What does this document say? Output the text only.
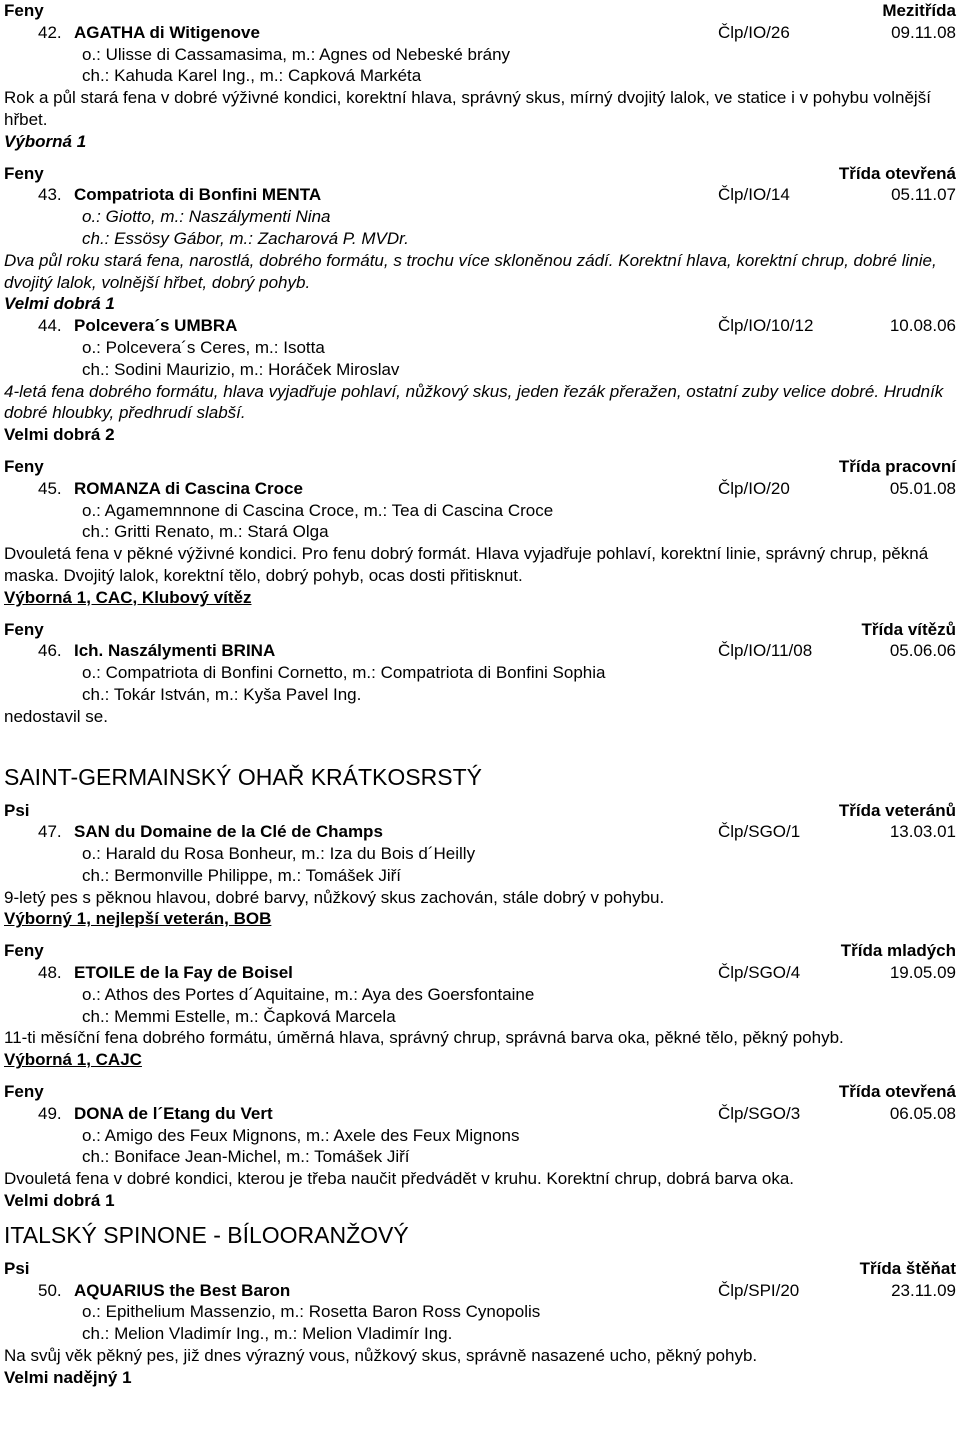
Feny	Mezitřída
42. AGATHA di Witigenove	Člp/IO/26	09.11.08
o.: Ulisse di Cassamasima, m.: Agnes od Nebeské brány
ch.: Kahuda Karel Ing., m.: Capková Markéta
Rok a půl stará fena v dobré výživné kondici, korektní hlava, správný skus, mírný dvojitý lalok, ve statice i v pohybu volnější hřbet.
Výborná 1
Feny	Třída otevřená
43. Compatriota di Bonfini MENTA	Člp/IO/14	05.11.07
o.: Giotto, m.: Naszálymenti Nina
ch.: Essösy Gábor, m.: Zacharová P. MVDr.
Dva půl roku stará fena, narostlá, dobrého formátu, s trochu více skloněnou zádí. Korektní hlava, korektní chrup, dobré linie, dvojitý lalok, volnější hřbet, dobrý pohyb.
Velmi dobrá 1
44. Polcevera´s UMBRA	Člp/IO/10/12	10.08.06
o.: Polcevera´s Ceres, m.: Isotta
ch.: Sodini Maurizio, m.: Horáček Miroslav
4-letá fena dobrého formátu, hlava vyjadřuje pohlaví, nůžkový skus, jeden řezák přeražen, ostatní zuby velice dobré. Hrudník dobré hloubky, předhrudí slabší.
Velmi dobrá 2
Feny	Třída pracovní
45. ROMANZA di Cascina Croce	Člp/IO/20	05.01.08
o.: Agamemnnone di Cascina Croce, m.: Tea di Cascina Croce
ch.: Gritti Renato, m.: Stará Olga
Dvouletá fena v pěkné výživné kondici. Pro fenu dobrý formát. Hlava vyjadřuje pohlaví, korektní linie, správný chrup, pěkná maska. Dvojitý lalok, korektní tělo, dobrý pohyb, ocas dosti přitisknut.
Výborná 1, CAC, Klubový vítěz
Feny	Třída vítězů
46. Ich. Naszálymenti BRINA	Člp/IO/11/08	05.06.06
o.: Compatriota di Bonfini Cornetto, m.: Compatriota di Bonfini Sophia
ch.: Tokár István, m.: Kyša Pavel Ing.
nedostavil se.
SAINT-GERMAINSKÝ OHAŘ KRÁTKOSRSTÝ
Psi	Třída veteránů
47. SAN du Domaine de la Clé de Champs	Člp/SGO/1	13.03.01
o.: Harald du Rosa Bonheur, m.: Iza du Bois d´Heilly
ch.: Bermonville Philippe, m.: Tomášek Jiří
9-letý pes s pěknou hlavou, dobré barvy, nůžkový skus zachován, stále dobrý v pohybu.
Výborný 1, nejlepší veterán, BOB
Feny	Třída mladých
48. ETOILE de la Fay de Boisel	Člp/SGO/4	19.05.09
o.: Athos des Portes d´Aquitaine, m.: Aya des Goersfontaine
ch.: Memmi Estelle, m.: Čapková Marcela
11-ti měsíční fena dobrého formátu, úměrná hlava, správný chrup, správná barva oka, pěkné tělo, pěkný pohyb.
Výborná 1, CAJC
Feny	Třída otevřená
49. DONA de l´Etang du Vert	Člp/SGO/3	06.05.08
o.: Amigo des Feux Mignons, m.: Axele des Feux Mignons
ch.: Boniface Jean-Michel, m.: Tomášek Jiří
Dvouletá fena v dobré kondici, kterou je třeba naučit předvádět v kruhu. Korektní chrup, dobrá barva oka.
Velmi dobrá 1
ITALSKÝ SPINONE - BÍLOORANŽOVÝ
Psi	Třída štěňat
50. AQUARIUS the Best Baron	Člp/SPI/20	23.11.09
o.: Epithelium Massenzio, m.: Rosetta Baron Ross Cynopolis
ch.: Melion Vladimír Ing., m.: Melion Vladimír Ing.
Na svůj věk pěkný pes, již dnes výrazný vous, nůžkový skus, správně nasazené ucho, pěkný pohyb.
Velmi nadějný 1
